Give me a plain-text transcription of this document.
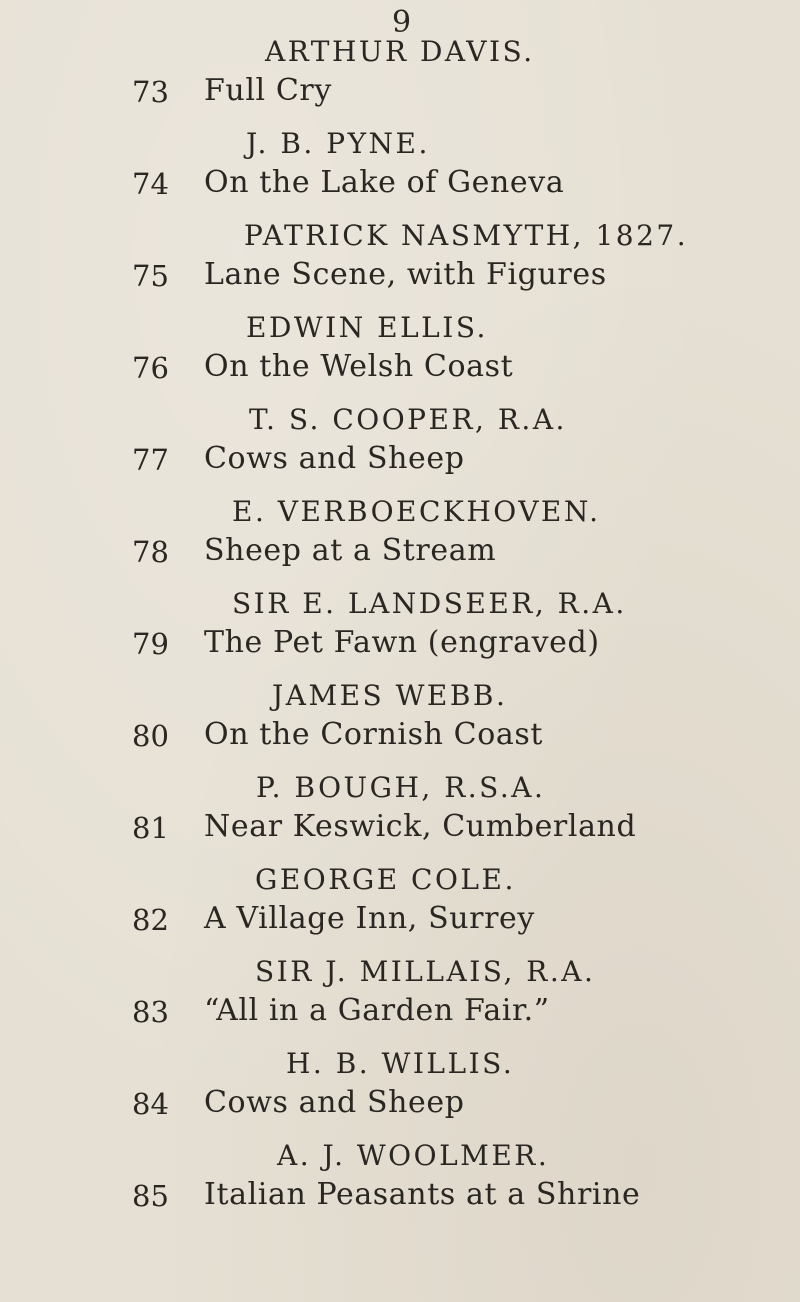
9
ARTHUR DAVIS.
73 Full Cry
J. B. PYNE.
74 On the Lake of Geneva
PATRICK NASMYTH, 1827.
75 Lane Scene, with Figures
EDWIN ELLIS.
76 On the Welsh Coast
T. S. COOPER, R.A.
77 Cows and Sheep
E. VERBOECKHOVEN.
78 Sheep at a Stream
SIR E. LANDSEER, R.A.
79 The Pet Fawn (engraved)
JAMES WEBB.
80 On the Cornish Coast
P. BOUGH, R.S.A.
81 Near Keswick, Cumberland
GEORGE COLE.
82 A Village Inn, Surrey
SIR J. MILLAIS, R.A.
83 “All in a Garden Fair.”
H. B. WILLIS.
84 Cows and Sheep
A. J. WOOLMER.
85 Italian Peasants at a Shrine
